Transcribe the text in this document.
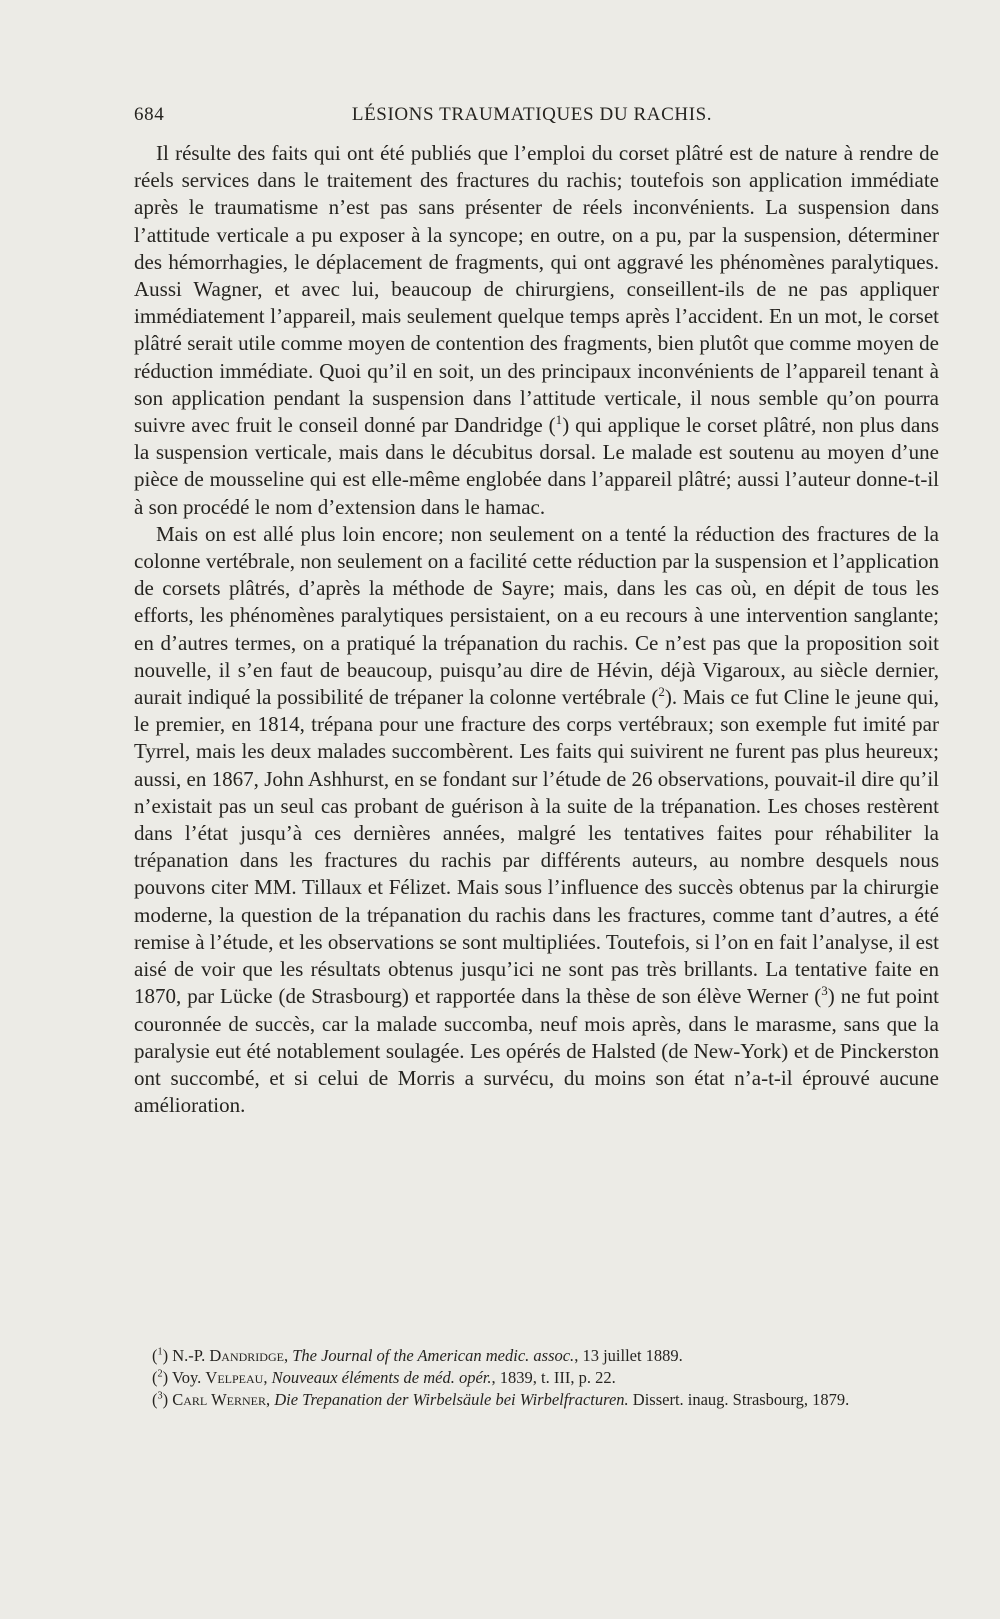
684	LÉSIONS TRAUMATIQUES DU RACHIS.

Il résulte des faits qui ont été publiés que l’emploi du corset plâtré est de nature à rendre de réels services dans le traitement des fractures du rachis; toutefois son application immédiate après le traumatisme n’est pas sans présenter de réels inconvénients. La suspension dans l’attitude verticale a pu exposer à la syncope; en outre, on a pu, par la suspension, déterminer des hémorrhagies, le déplacement de fragments, qui ont aggravé les phénomènes paralytiques. Aussi Wagner, et avec lui, beaucoup de chirurgiens, conseillent-ils de ne pas appliquer immédiatement l’appareil, mais seulement quelque temps après l’accident. En un mot, le corset plâtré serait utile comme moyen de contention des fragments, bien plutôt que comme moyen de réduction immédiate. Quoi qu’il en soit, un des principaux inconvénients de l’appareil tenant à son application pendant la suspension dans l’attitude verticale, il nous semble qu’on pourra suivre avec fruit le conseil donné par Dandridge ($^1$) qui applique le corset plâtré, non plus dans la suspension verticale, mais dans le décubitus dorsal. Le malade est soutenu au moyen d’une pièce de mousseline qui est elle-même englobée dans l’appareil plâtré; aussi l’auteur donne-t-il à son procédé le nom d’extension dans le hamac.

Mais on est allé plus loin encore; non seulement on a tenté la réduction des fractures de la colonne vertébrale, non seulement on a facilité cette réduction par la suspension et l’application de corsets plâtrés, d’après la méthode de Sayre; mais, dans les cas où, en dépit de tous les efforts, les phénomènes paralytiques persistaient, on a eu recours à une intervention sanglante; en d’autres termes, on a pratiqué la trépanation du rachis. Ce n’est pas que la proposition soit nouvelle, il s’en faut de beaucoup, puisqu’au dire de Hévin, déjà Vigaroux, au siècle dernier, aurait indiqué la possibilité de trépaner la colonne vertébrale ($^2$). Mais ce fut Cline le jeune qui, le premier, en 1814, trépana pour une fracture des corps vertébraux; son exemple fut imité par Tyrrel, mais les deux malades succombèrent. Les faits qui suivirent ne furent pas plus heureux; aussi, en 1867, John Ashhurst, en se fondant sur l’étude de 26 observations, pouvait-il dire qu’il n’existait pas un seul cas probant de guérison à la suite de la trépanation. Les choses restèrent dans l’état jusqu’à ces dernières années, malgré les tentatives faites pour réhabiliter la trépanation dans les fractures du rachis par différents auteurs, au nombre desquels nous pouvons citer MM. Tillaux et Félizet. Mais sous l’influence des succès obtenus par la chirurgie moderne, la question de la trépanation du rachis dans les fractures, comme tant d’autres, a été remise à l’étude, et les observations se sont multipliées. Toutefois, si l’on en fait l’analyse, il est aisé de voir que les résultats obtenus jusqu’ici ne sont pas très brillants. La tentative faite en 1870, par Lücke (de Strasbourg) et rapportée dans la thèse de son élève Werner ($^3$) ne fut point couronnée de succès, car la malade succomba, neuf mois après, dans le marasme, sans que la paralysie eut été notablement soulagée. Les opérés de Halsted (de New-York) et de Pinckerston ont succombé, et si celui de Morris a survécu, du moins son état n’a-t-il éprouvé aucune amélioration.

($^1$) N.-P. Dandridge, The Journal of the American medic. assoc., 13 juillet 1889.

($^2$) Voy. Velpeau, Nouveaux éléments de méd. opér., 1839, t. III, p. 22.

($^3$) Carl Werner, Die Trepanation der Wirbelsäule bei Wirbelfracturen. Dissert. inaug. Strasbourg, 1879.
